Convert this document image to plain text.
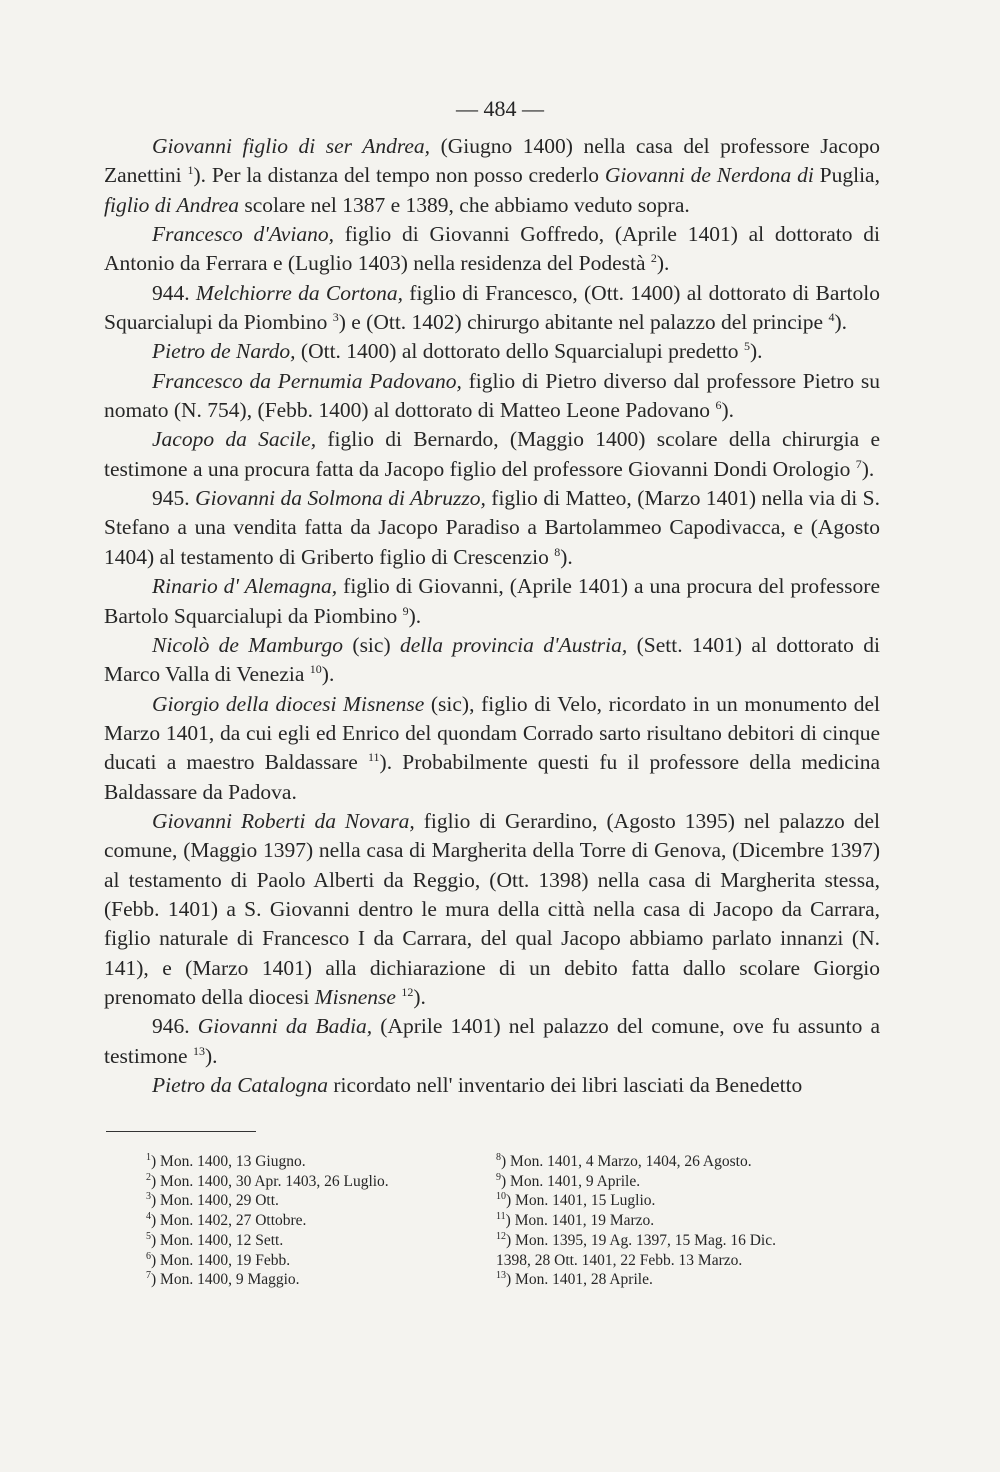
— 484 —

Giovanni figlio di ser Andrea, (Giugno 1400) nella casa del professore Jacopo Zanettini $^1$). Per la distanza del tempo non posso crederlo Giovanni de Nerdona di Puglia, figlio di Andrea scolare nel 1387 e 1389, che abbiamo veduto sopra.

Francesco d'Aviano, figlio di Giovanni Goffredo, (Aprile 1401) al dottorato di Antonio da Ferrara e (Luglio 1403) nella residenza del Podestà $^2$).

944. Melchiorre da Cortona, figlio di Francesco, (Ott. 1400) al dottorato di Bartolo Squarcialupi da Piombino $^3$) e (Ott. 1402) chirurgo abitante nel palazzo del principe $^4$).

Pietro de Nardo, (Ott. 1400) al dottorato dello Squarcialupi predetto $^5$).

Francesco da Pernumia Padovano, figlio di Pietro diverso dal professore Pietro su nomato (N. 754), (Febb. 1400) al dottorato di Matteo Leone Padovano $^6$).

Jacopo da Sacile, figlio di Bernardo, (Maggio 1400) scolare della chirurgia e testimone a una procura fatta da Jacopo figlio del professore Giovanni Dondi Orologio $^7$).

945. Giovanni da Solmona di Abruzzo, figlio di Matteo, (Marzo 1401) nella via di S. Stefano a una vendita fatta da Jacopo Paradiso a Bartolammeo Capodivacca, e (Agosto 1404) al testamento di Griberto figlio di Crescenzio $^8$).

Rinario d' Alemagna, figlio di Giovanni, (Aprile 1401) a una procura del professore Bartolo Squarcialupi da Piombino $^9$).

Nicolò de Mamburgo (sic) della provincia d'Austria, (Sett. 1401) al dottorato di Marco Valla di Venezia $^{10}$).

Giorgio della diocesi Misnense (sic), figlio di Velo, ricordato in un monumento del Marzo 1401, da cui egli ed Enrico del quondam Corrado sarto risultano debitori di cinque ducati a maestro Baldassare $^{11}$). Probabilmente questi fu il professore della medicina Baldassare da Padova.

Giovanni Roberti da Novara, figlio di Gerardino, (Agosto 1395) nel palazzo del comune, (Maggio 1397) nella casa di Margherita della Torre di Genova, (Dicembre 1397) al testamento di Paolo Alberti da Reggio, (Ott. 1398) nella casa di Margherita stessa, (Febb. 1401) a S. Giovanni dentro le mura della città nella casa di Jacopo da Carrara, figlio naturale di Francesco I da Carrara, del qual Jacopo abbiamo parlato innanzi (N. 141), e (Marzo 1401) alla dichiarazione di un debito fatta dallo scolare Giorgio prenomato della diocesi Misnense $^{12}$).

946. Giovanni da Badia, (Aprile 1401) nel palazzo del comune, ove fu assunto a testimone $^{13}$).

Pietro da Catalogna ricordato nell' inventario dei libri lasciati da Benedetto

$^1$) Mon. 1400, 13 Giugno.
$^2$) Mon. 1400, 30 Apr. 1403, 26 Luglio.
$^3$) Mon. 1400, 29 Ott.
$^4$) Mon. 1402, 27 Ottobre.
$^5$) Mon. 1400, 12 Sett.
$^6$) Mon. 1400, 19 Febb.
$^7$) Mon. 1400, 9 Maggio.
$^8$) Mon. 1401, 4 Marzo, 1404, 26 Agosto.
$^9$) Mon. 1401, 9 Aprile.
$^{10}$) Mon. 1401, 15 Luglio.
$^{11}$) Mon. 1401, 19 Marzo.
$^{12}$) Mon. 1395, 19 Ag. 1397, 15 Mag. 16 Dic.
1398, 28 Ott. 1401, 22 Febb. 13 Marzo.
$^{13}$) Mon. 1401, 28 Aprile.
